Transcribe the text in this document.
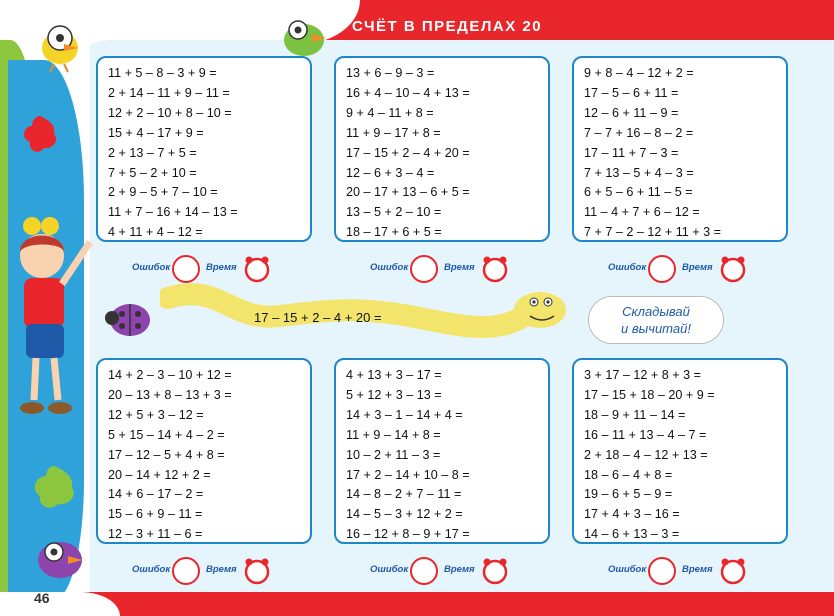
СЧЁТ В ПРЕДЕЛАХ 20
46
17 – 15 + 2 – 4 + 20 =	Складывай
и вычитай!
11 + 5 – 8 – 3 + 9 =
2 + 14 – 11 + 9 – 11 =
12 + 2 – 10 + 8 – 10 =
15 + 4 – 17 + 9 =
2 + 13 – 7 + 5 =
7 + 5 – 2 + 10 =
2 + 9 – 5 + 7 – 10 =
11 + 7 – 16 + 14 – 13 =
4 + 11 + 4 – 12 =
13 + 6 – 9 – 3 =
16 + 4 – 10 – 4 + 13 =
9 + 4 – 11 + 8 =
11 + 9 – 17 + 8 =
17 – 15 + 2 – 4 + 20 =
12 – 6 + 3 – 4 =
20 – 17 + 13 – 6 + 5 =
13 – 5 + 2 – 10 =
18 – 17 + 6 + 5 =
9 + 8 – 4 – 12 + 2 =
17 – 5 – 6 + 11 =
12 – 6 + 11 – 9 =
7 – 7 + 16 – 8 – 2 =
17 – 11 + 7 – 3 =
7 + 13 – 5 + 4 – 3 =
6 + 5 – 6 + 11 – 5 =
11 – 4 + 7 + 6 – 12 =
7 + 7 – 2 – 12 + 11 + 3 =
14 + 2 – 3 – 10 + 12 =
20 – 13 + 8 – 13 + 3 =
12 + 5 + 3 – 12 =
5 + 15 – 14 + 4 – 2 =
17 – 12 – 5 + 4 + 8 =
20 – 14 + 12 + 2 =
14 + 6 – 17 – 2 =
15 – 6 + 9 – 11 =
12 – 3 + 11 – 6 =
4 + 13 + 3 – 17 =
5 + 12 + 3 – 13 =
14 + 3 – 1 – 14 + 4 =
11 + 9 – 14 + 8 =
10 – 2 + 11 – 3 =
17 + 2 – 14 + 10 – 8 =
14 – 8 – 2 + 7 – 11 =
14 – 5 – 3 + 12 + 2 =
16 – 12 + 8 – 9 + 17 =
3 + 17 – 12 + 8 + 3 =
17 – 15 + 18 – 20 + 9 =
18 – 9 + 11 – 14 =
16 – 11 + 13 – 4 – 7 =
2 + 18 – 4 – 12 + 13 =
18 – 6 – 4 + 8 =
19 – 6 + 5 – 9 =
17 + 4 + 3 – 16 =
14 – 6 + 13 – 3 =
Ошибок	Время	Ошибок	Время	Ошибок	Время
Ошибок	Время	Ошибок	Время	Ошибок	Время
